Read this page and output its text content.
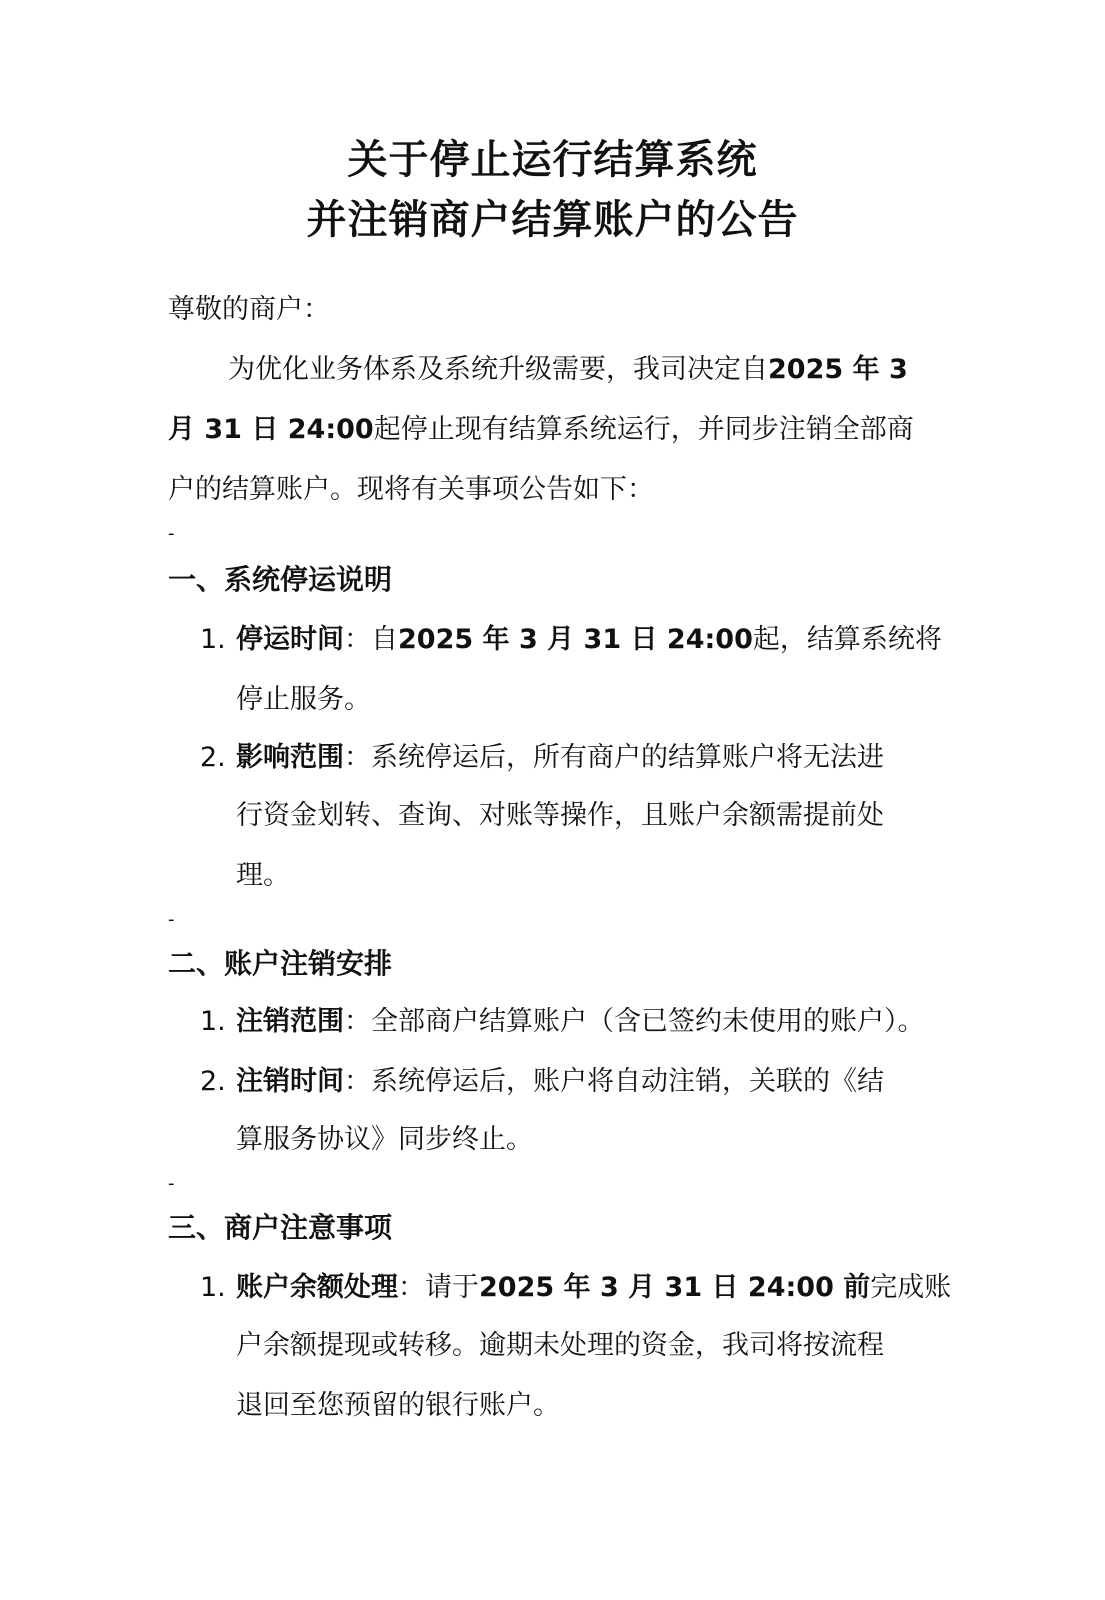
关于停止运行结算系统
并注销商户结算账户的公告
尊敬的商户：
为优化业务体系及系统升级需要，我司决定自2025 年 3
月 31 日 24:00起停止现有结算系统运行，并同步注销全部商
户的结算账户。现将有关事项公告如下：
-
一、系统停运说明
1. 停运时间：自2025 年 3 月 31 日 24:00起，结算系统将
停止服务。
2. 影响范围：系统停运后，所有商户的结算账户将无法进
行资金划转、查询、对账等操作，且账户余额需提前处
理。
-
二、账户注销安排
1. 注销范围：全部商户结算账户（含已签约未使用的账户）。
2. 注销时间：系统停运后，账户将自动注销，关联的《结
算服务协议》同步终止。
-
三、商户注意事项
1. 账户余额处理：请于2025 年 3 月 31 日 24:00 前完成账
户余额提现或转移。逾期未处理的资金，我司将按流程
退回至您预留的银行账户。
